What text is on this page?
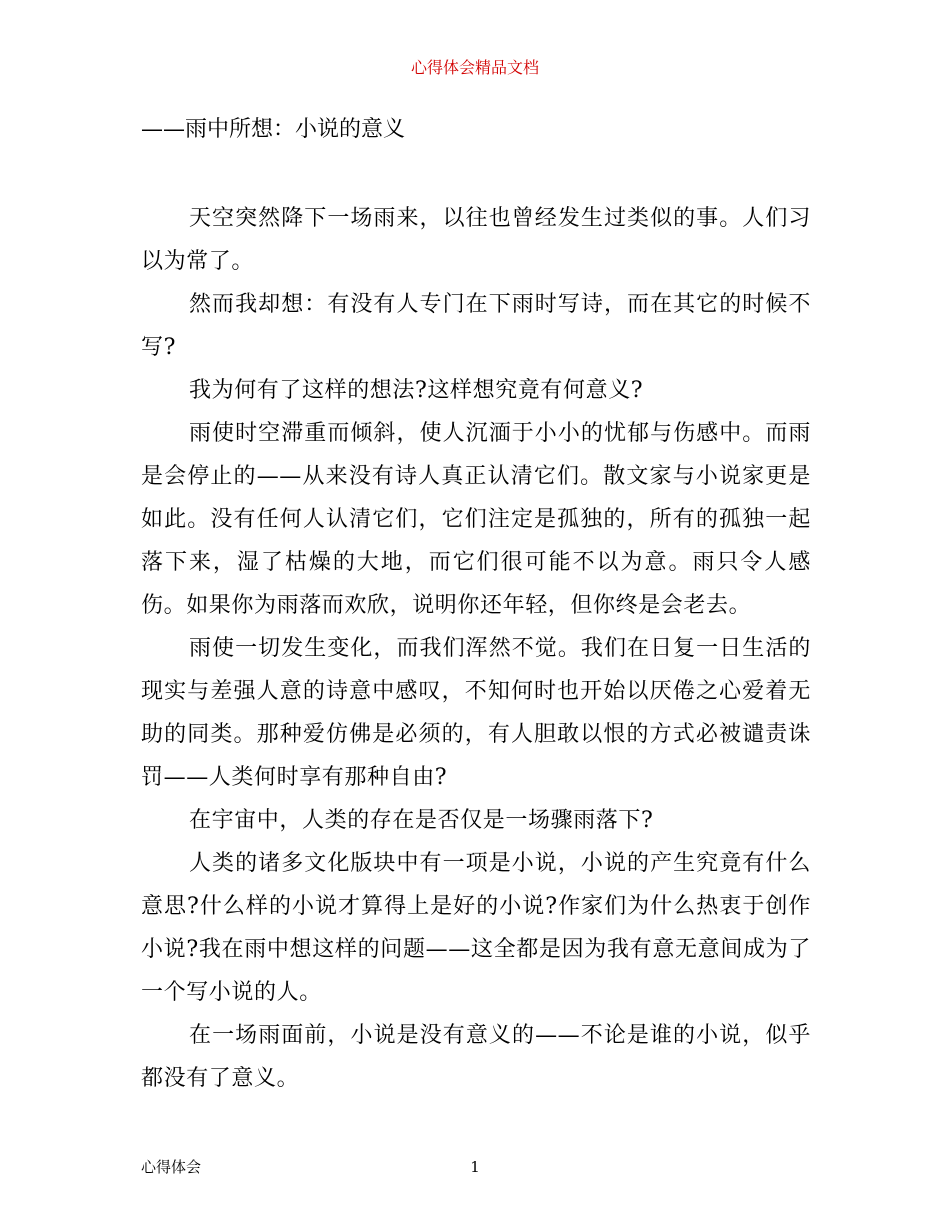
心得体会精品文档
——雨中所想：小说的意义

天空突然降下一场雨来，以往也曾经发生过类似的事。人们习以为常了。

然而我却想：有没有人专门在下雨时写诗，而在其它的时候不写?

我为何有了这样的想法?这样想究竟有何意义?

雨使时空滞重而倾斜，使人沉湎于小小的忧郁与伤感中。而雨是会停止的——从来没有诗人真正认清它们。散文家与小说家更是如此。没有任何人认清它们，它们注定是孤独的，所有的孤独一起落下来，湿了枯燥的大地，而它们很可能不以为意。雨只令人感伤。如果你为雨落而欢欣，说明你还年轻，但你终是会老去。

雨使一切发生变化，而我们浑然不觉。我们在日复一日生活的现实与差强人意的诗意中感叹，不知何时也开始以厌倦之心爱着无助的同类。那种爱仿佛是必须的，有人胆敢以恨的方式必被谴责诛罚——人类何时享有那种自由?

在宇宙中，人类的存在是否仅是一场骤雨落下?

人类的诸多文化版块中有一项是小说，小说的产生究竟有什么意思?什么样的小说才算得上是好的小说?作家们为什么热衷于创作小说?我在雨中想这样的问题——这全都是因为我有意无意间成为了一个写小说的人。

在一场雨面前，小说是没有意义的——不论是谁的小说，似乎都没有了意义。

心得体会	1
